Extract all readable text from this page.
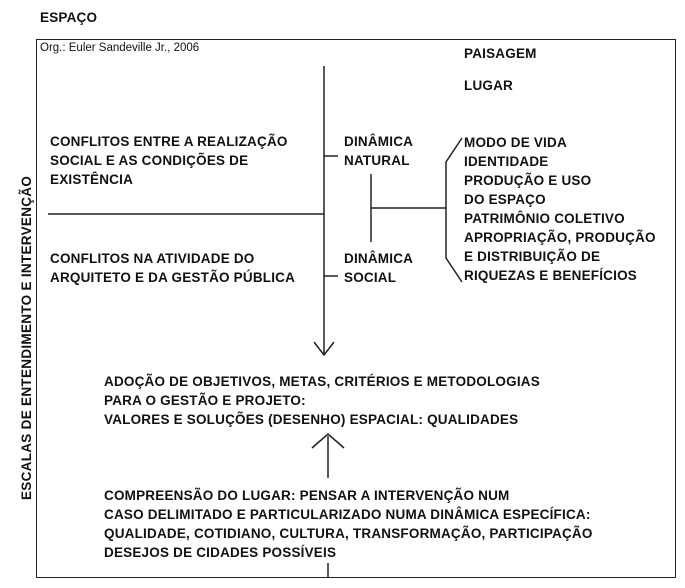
ESPAÇO
Org.: Euler Sandeville Jr., 2006
ESCALAS DE ENTENDIMENTO E INTERVENÇÃO
PAISAGEM
LUGAR
CONFLITOS ENTRE A REALIZAÇÃO
SOCIAL E AS CONDIÇÕES DE
EXISTÊNCIA
CONFLITOS NA ATIVIDADE DO
ARQUITETO E DA GESTÃO PÚBLICA
DINÂMICA
NATURAL
DINÂMICA
SOCIAL
MODO DE VIDA
IDENTIDADE
PRODUÇÃO E USO
DO ESPAÇO
PATRIMÔNIO COLETIVO
APROPRIAÇÃO, PRODUÇÃO
E DISTRIBUIÇÃO DE
RIQUEZAS E BENEFÍCIOS
ADOÇÃO DE OBJETIVOS, METAS, CRITÉRIOS E METODOLOGIAS
PARA O GESTÃO E PROJETO:
VALORES E SOLUÇÕES (DESENHO) ESPACIAL: QUALIDADES
COMPREENSÃO DO LUGAR: PENSAR A INTERVENÇÃO NUM
CASO DELIMITADO E PARTICULARIZADO NUMA DINÂMICA ESPECÍFICA:
QUALIDADE, COTIDIANO, CULTURA, TRANSFORMAÇÃO, PARTICIPAÇÃO
DESEJOS DE CIDADES POSSÍVEIS
